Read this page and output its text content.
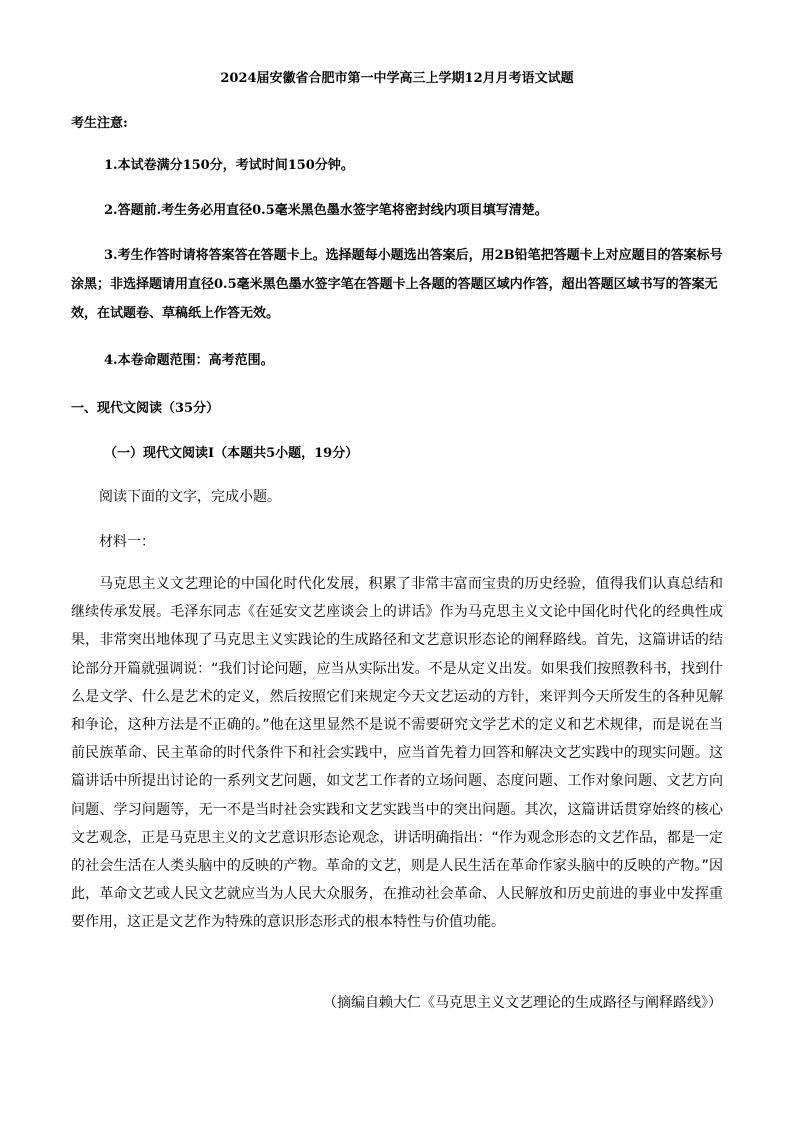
2024届安徽省合肥市第一中学高三上学期12月月考语文试题
考生注意:
1.本试卷满分150分，考试时间150分钟。
2.答题前.考生务必用直径0.5毫米黑色墨水签字笔将密封线内项目填写清楚。
3.考生作答时请将答案答在答题卡上。选择题每小题选出答案后，用2B铅笔把答题卡上对应题目的答案标号涂黑；非选择题请用直径0.5毫米黑色墨水签字笔在答题卡上各题的答题区域内作答，超出答题区域书写的答案无效，在试题卷、草稿纸上作答无效。
4.本卷命题范围：高考范围。
一、现代文阅读（35分）
（一）现代文阅读I（本题共5小题，19分）
阅读下面的文字，完成小题。
材料一：
马克思主义文艺理论的中国化时代化发展，积累了非常丰富而宝贵的历史经验，值得我们认真总结和继续传承发展。毛泽东同志《在延安文艺座谈会上的讲话》作为马克思主义文论中国化时代化的经典性成果，非常突出地体现了马克思主义实践论的生成路径和文艺意识形态论的阐释路线。首先，这篇讲话的结论部分开篇就强调说：“我们讨论问题，应当从实际出发。不是从定义出发。如果我们按照教科书，找到什么是文学、什么是艺术的定义，然后按照它们来规定今天文艺运动的方针，来评判今天所发生的各种见解和争论，这种方法是不正确的。”他在这里显然不是说不需要研究文学艺术的定义和艺术规律，而是说在当前民族革命、民主革命的时代条件下和社会实践中，应当首先着力回答和解决文艺实践中的现实问题。这篇讲话中所提出讨论的一系列文艺问题，如文艺工作者的立场问题、态度问题、工作对象问题、文艺方向问题、学习问题等，无一不是当时社会实践和文艺实践当中的突出问题。其次，这篇讲话贯穿始终的核心文艺观念，正是马克思主义的文艺意识形态论观念，讲话明确指出：“作为观念形态的文艺作品，都是一定的社会生活在人类头脑中的反映的产物。革命的文艺，则是人民生活在革命作家头脑中的反映的产物。”因此，革命文艺或人民文艺就应当为人民大众服务，在推动社会革命、人民解放和历史前进的事业中发挥重要作用，这正是文艺作为特殊的意识形态形式的根本特性与价值功能。
（摘编自赖大仁《马克思主义文艺理论的生成路径与阐释路线》）
